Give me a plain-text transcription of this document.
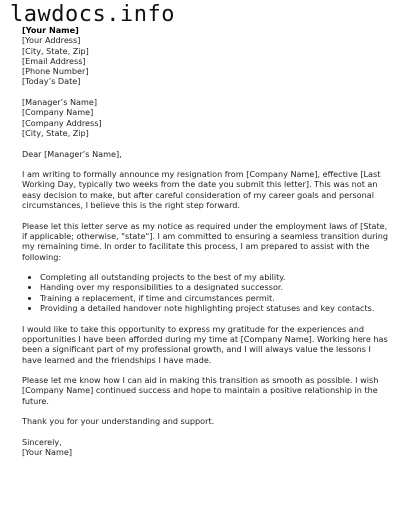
lawdocs.info

[Your Name]

[Your Address]

[City, State, Zip]

[Email Address]

[Phone Number]

[Today’s Date]

[Manager’s Name]

[Company Name]

[Company Address]

[City, State, Zip]

Dear [Manager’s Name],

I am writing to formally announce my resignation from [Company Name], effective [Last Working Day, typically two weeks from the date you submit this letter]. This was not an easy decision to make, but after careful consideration of my career goals and personal circumstances, I believe this is the right step forward.

Please let this letter serve as my notice as required under the employment laws of [State, if applicable; otherwise, "state"]. I am committed to ensuring a seamless transition during my remaining time. In order to facilitate this process, I am prepared to assist with the following:

• Completing all outstanding projects to the best of my ability.
• Handing over my responsibilities to a designated successor.
• Training a replacement, if time and circumstances permit.
• Providing a detailed handover note highlighting project statuses and key contacts.

I would like to take this opportunity to express my gratitude for the experiences and opportunities I have been afforded during my time at [Company Name]. Working here has been a significant part of my professional growth, and I will always value the lessons I have learned and the friendships I have made.

Please let me know how I can aid in making this transition as smooth as possible. I wish [Company Name] continued success and hope to maintain a positive relationship in the future.

Thank you for your understanding and support.

Sincerely,

[Your Name]
